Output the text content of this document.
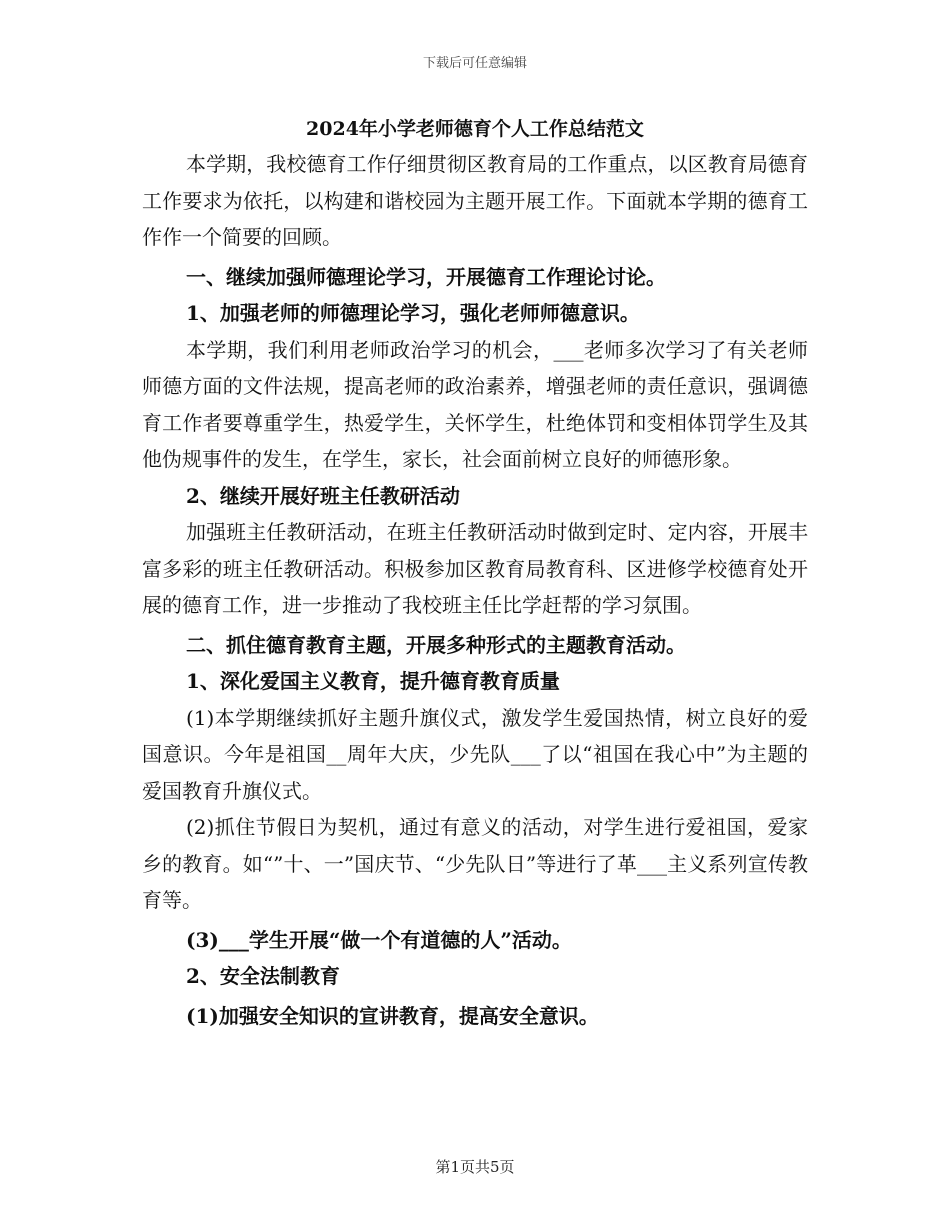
下载后可任意编辑
2024年小学老师德育个人工作总结范文

本学期，我校德育工作仔细贯彻区教育局的工作重点，以区教育局德育工作要求为依托，以构建和谐校园为主题开展工作。下面就本学期的德育工作作一个简要的回顾。

一、继续加强师德理论学习，开展德育工作理论讨论。

1、加强老师的师德理论学习，强化老师师德意识。

本学期，我们利用老师政治学习的机会，___老师多次学习了有关老师师德方面的文件法规，提高老师的政治素养，增强老师的责任意识，强调德育工作者要尊重学生，热爱学生，关怀学生，杜绝体罚和变相体罚学生及其他伪规事件的发生，在学生，家长，社会面前树立良好的师德形象。

2、继续开展好班主任教研活动

加强班主任教研活动，在班主任教研活动时做到定时、定内容，开展丰富多彩的班主任教研活动。积极参加区教育局教育科、区进修学校德育处开展的德育工作，进一步推动了我校班主任比学赶帮的学习氛围。

二、抓住德育教育主题，开展多种形式的主题教育活动。

1、深化爱国主义教育，提升德育教育质量

(1)本学期继续抓好主题升旗仪式，激发学生爱国热情，树立良好的爱国意识。今年是祖国__周年大庆，少先队___了以“祖国在我心中”为主题的爱国教育升旗仪式。

(2)抓住节假日为契机，通过有意义的活动，对学生进行爱祖国，爱家乡的教育。如“”十、一”国庆节、“少先队日”等进行了革___主义系列宣传教育等。

(3)___学生开展“做一个有道德的人”活动。

2、安全法制教育

(1)加强安全知识的宣讲教育，提高安全意识。

第1页共5页
